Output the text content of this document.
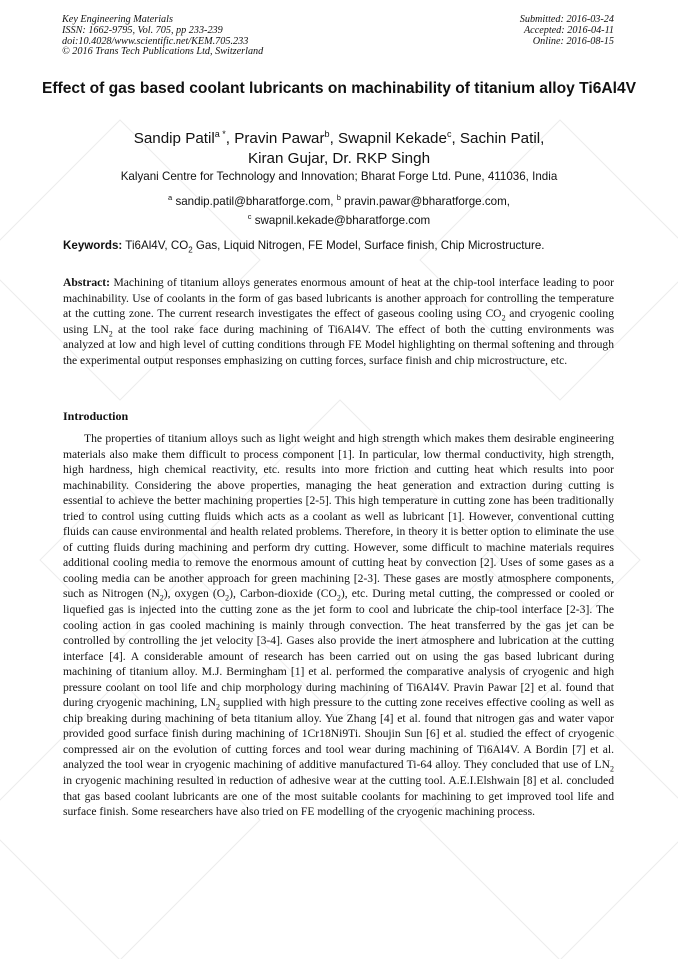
Key Engineering Materials
ISSN: 1662-9795, Vol. 705, pp 233-239
doi:10.4028/www.scientific.net/KEM.705.233
© 2016 Trans Tech Publications Ltd, Switzerland
Submitted: 2016-03-24
Accepted: 2016-04-11
Online: 2016-08-15
Effect of gas based coolant lubricants on machinability of titanium alloy Ti6Al4V
Sandip Patil$^{a *}$, Pravin Pawar$^b$, Swapnil Kekade$^c$, Sachin Patil,
Kiran Gujar, Dr. RKP Singh
Kalyani Centre for Technology and Innovation; Bharat Forge Ltd. Pune, 411036, India
$^a$ sandip.patil@bharatforge.com, $^b$ pravin.pawar@bharatforge.com,
$^c$ swapnil.kekade@bharatforge.com
Keywords: Ti6Al4V, $CO_2$ Gas, Liquid Nitrogen, FE Model, Surface finish, Chip Microstructure.

Abstract: Machining of titanium alloys generates enormous amount of heat at the chip-tool interface leading to poor machinability. Use of coolants in the form of gas based lubricants is another approach for controlling the temperature at the cutting zone. The current research investigates the effect of gaseous cooling using $CO_2$ and cryogenic cooling using $LN_2$ at the tool rake face during machining of Ti6Al4V. The effect of both the cutting environments was analyzed at low and high level of cutting conditions through FE Model highlighting on thermal softening and through the experimental output responses emphasizing on cutting forces, surface finish and chip microstructure, etc.

Introduction

The properties of titanium alloys such as light weight and high strength which makes them desirable engineering materials also make them difficult to process component [1]. In particular, low thermal conductivity, high strength, high hardness, high chemical reactivity, etc. results into more friction and cutting heat which results into poor machinability. Considering the above properties, managing the heat generation and extraction during cutting is essential to achieve the better machining properties [2-5]. This high temperature in cutting zone has been traditionally tried to control using cutting fluids which acts as a coolant as well as lubricant [1]. However, conventional cutting fluids can cause environmental and health related problems. Therefore, in theory it is better option to eliminate the use of cutting fluids during machining and perform dry cutting. However, some difficult to machine materials requires additional cooling media to remove the enormous amount of cutting heat by convection [2]. Uses of some gases as a cooling media can be another approach for green machining [2-3]. These gases are mostly atmosphere components, such as Nitrogen $(N_2)$, oxygen $(O_2)$, Carbon-dioxide $(CO_2)$, etc. During metal cutting, the compressed or cooled or liquefied gas is injected into the cutting zone as the jet form to cool and lubricate the chip-tool interface [2-3]. The cooling action in gas cooled machining is mainly through convection. The heat transferred by the gas jet can be controlled by controlling the jet velocity [3-4]. Gases also provide the inert atmosphere and lubrication at the cutting interface [4]. A considerable amount of research has been carried out on using the gas based lubricant during machining of titanium alloy. M.J. Bermingham [1] et al. performed the comparative analysis of cryogenic and high pressure coolant on tool life and chip morphology during machining of Ti6Al4V. Pravin Pawar [2] et al. found that during cryogenic machining, $LN_2$ supplied with high pressure to the cutting zone receives effective cooling as well as chip breaking during machining of beta titanium alloy. Yue Zhang [4] et al. found that nitrogen gas and water vapor provided good surface finish during machining of 1Cr18Ni9Ti. Shoujin Sun [6] et al. studied the effect of cryogenic compressed air on the evolution of cutting forces and tool wear during machining of Ti6Al4V. A Bordin [7] et al. analyzed the tool wear in cryogenic machining of additive manufactured Ti-64 alloy. They concluded that use of $LN_2$ in cryogenic machining resulted in reduction of adhesive wear at the cutting tool. A.E.I.Elshwain [8] et al. concluded that gas based coolant lubricants are one of the most suitable coolants for machining to get improved tool life and surface finish. Some researchers have also tried on FE modelling of the cryogenic machining process.
